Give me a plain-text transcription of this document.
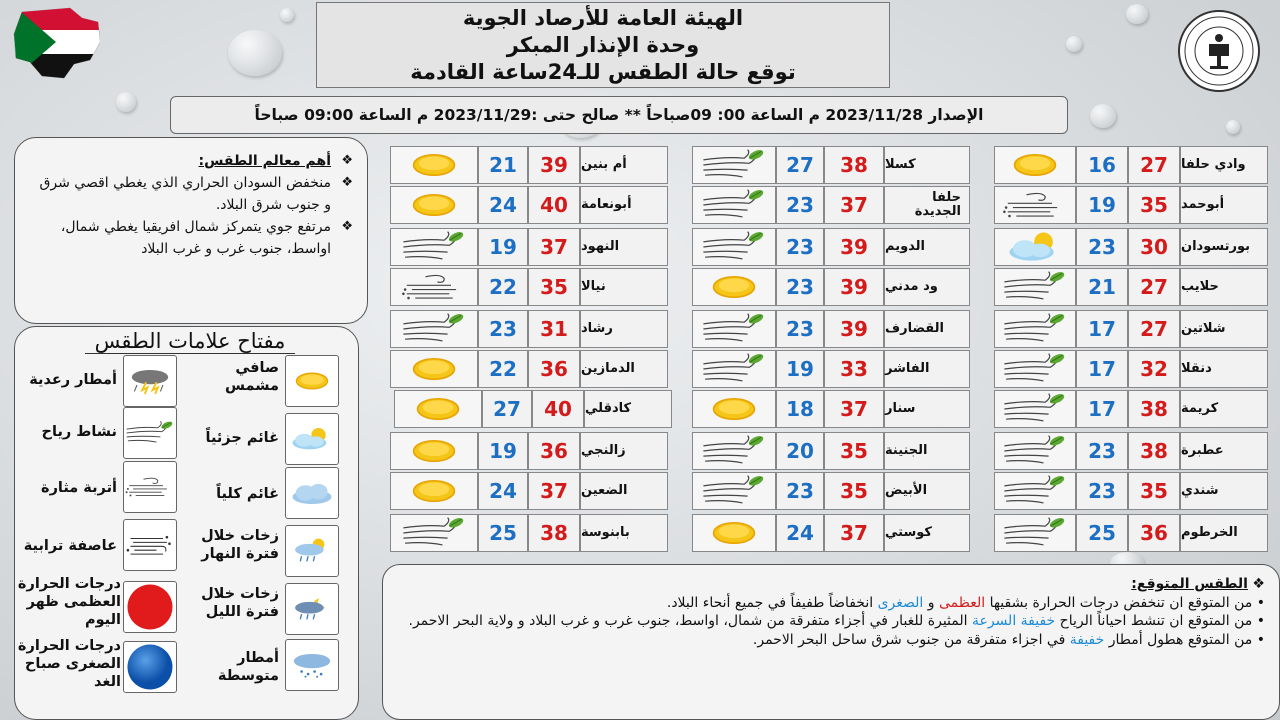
الهيئة العامة للأرصاد الجوية
وحدة الإنذار المبكر
توقع حالة الطقس للـ24ساعة القادمة
الإصدار 2023/11/28 م الساعة 00: 09صباحاً ** صالح حتى :2023/11/29 م الساعة 09:00 صباحاً

❖
أهم معالم الطقس:

❖
منخفض السودان الحراري الذي يغطي اقصي شرق و جنوب شرق البلاد.

❖
مرتفع جوي يتمركز شمال افريقيا يغطي شمال، اواسط، جنوب غرب و غرب البلاد

مفتاح علامات الطقس
صافي مشمس
أمطار رعدية
غائم جزئياً
نشاط رياح
غائم كلياً
أتربة مثارة
زخات خلال فترة النهار
عاصفة ترابية
زخات خلال فترة الليل
درجات الحرارة العظمى ظهر اليوم
أمطار متوسطة
درجات الحرارة الصغرى صباح الغد
16	27	وادي حلفا
19	35	أبوحمد
23	30	بورتسودان
21	27	حلايب
17	27	شلاتين
17	32	دنقلا
17	38	كريمة
23	38	عطبرة
23	35	شندي
25	36	الخرطوم
27	38	كسلا
23	37	حلفا الجديدة
23	39	الدويم
23	39	ود مدني
23	39	القضارف
19	33	الفاشر
18	37	سنار
20	35	الجنينة
23	35	الأبيض
24	37	كوستي
21	39	أم بنين
24	40	أبونعامة
19	37	النهود
22	35	نيالا
23	31	رشاد
22	36	الدمازين
27	40	كادقلي
19	36	زالنجي
24	37	الضعين
25	38	بابنوسة

❖ الطقس المتوقع:

• من المتوقع ان تنخفض درجات الحرارة بشقيها العظمى و الصغرى انخفاضاً طفيفاً في جميع أنحاء البلاد.

• من المتوقع ان تنشط احياناً الرياح خفيفة السرعة المثيرة للغبار في أجزاء متفرقة من شمال، اواسط، جنوب غرب و غرب البلاد و ولاية البحر الاحمر.

• من المتوقع هطول أمطار خفيفة في اجزاء متفرقة من جنوب شرق ساحل البحر الاحمر.
